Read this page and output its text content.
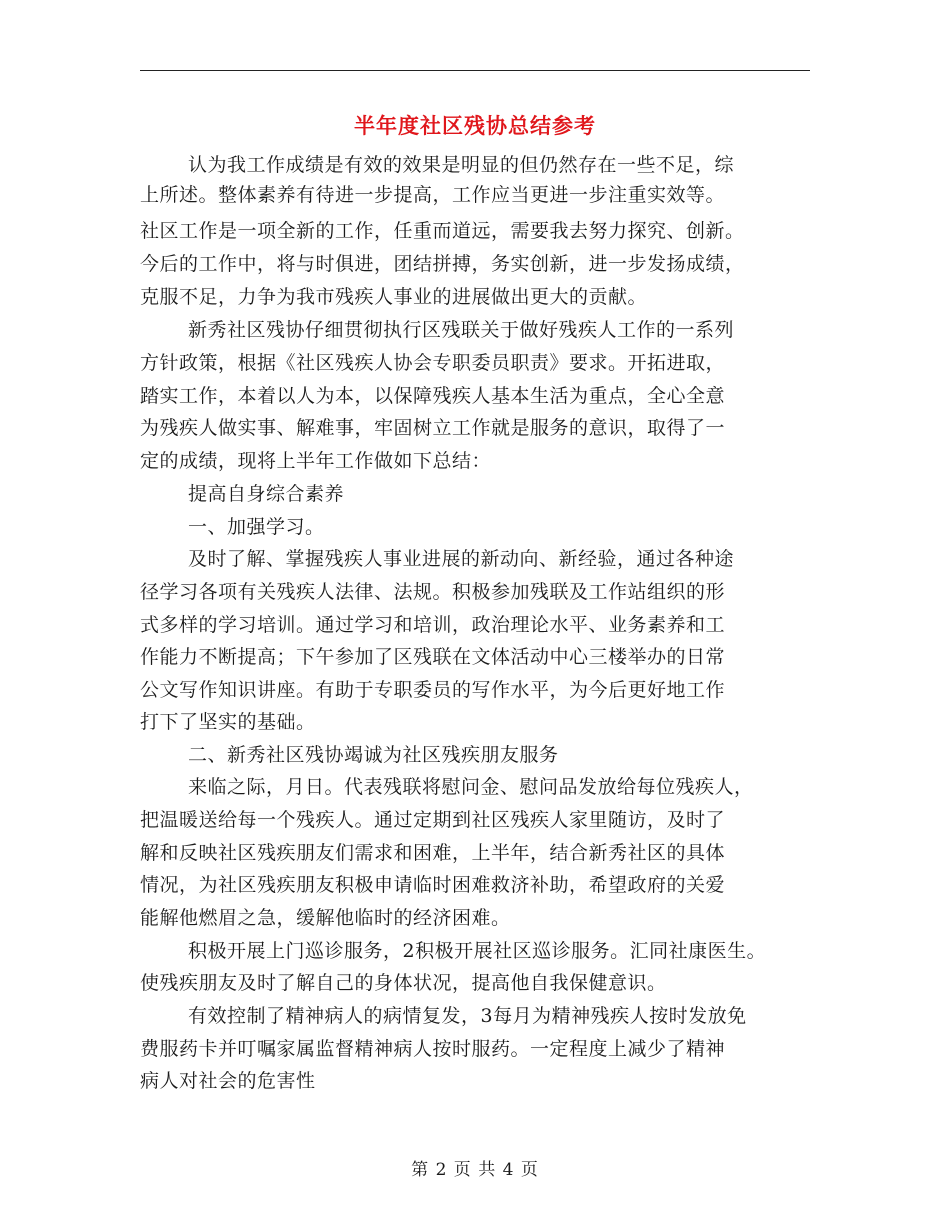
半年度社区残协总结参考
认为我工作成绩是有效的效果是明显的但仍然存在一些不足，综
上所述。整体素养有待进一步提高，工作应当更进一步注重实效等。
社区工作是一项全新的工作，任重而道远，需要我去努力探究、创新。
今后的工作中，将与时俱进，团结拼搏，务实创新，进一步发扬成绩，
克服不足，力争为我市残疾人事业的进展做出更大的贡献。
新秀社区残协仔细贯彻执行区残联关于做好残疾人工作的一系列
方针政策，根据《社区残疾人协会专职委员职责》要求。开拓进取，
踏实工作，本着以人为本，以保障残疾人基本生活为重点，全心全意
为残疾人做实事、解难事，牢固树立工作就是服务的意识，取得了一
定的成绩，现将上半年工作做如下总结：
提高自身综合素养
一、加强学习。
及时了解、掌握残疾人事业进展的新动向、新经验，通过各种途
径学习各项有关残疾人法律、法规。积极参加残联及工作站组织的形
式多样的学习培训。通过学习和培训，政治理论水平、业务素养和工
作能力不断提高；下午参加了区残联在文体活动中心三楼举办的日常
公文写作知识讲座。有助于专职委员的写作水平，为今后更好地工作
打下了坚实的基础。
二、新秀社区残协竭诚为社区残疾朋友服务
来临之际，月日。代表残联将慰问金、慰问品发放给每位残疾人，
把温暖送给每一个残疾人。通过定期到社区残疾人家里随访，及时了
解和反映社区残疾朋友们需求和困难，上半年，结合新秀社区的具体
情况，为社区残疾朋友积极申请临时困难救济补助，希望政府的关爱
能解他燃眉之急，缓解他临时的经济困难。
积极开展上门巡诊服务，2积极开展社区巡诊服务。汇同社康医生。
使残疾朋友及时了解自己的身体状况，提高他自我保健意识。
有效控制了精神病人的病情复发，3每月为精神残疾人按时发放免
费服药卡并叮嘱家属监督精神病人按时服药。一定程度上减少了精神
病人对社会的危害性
第 2 页 共 4 页
